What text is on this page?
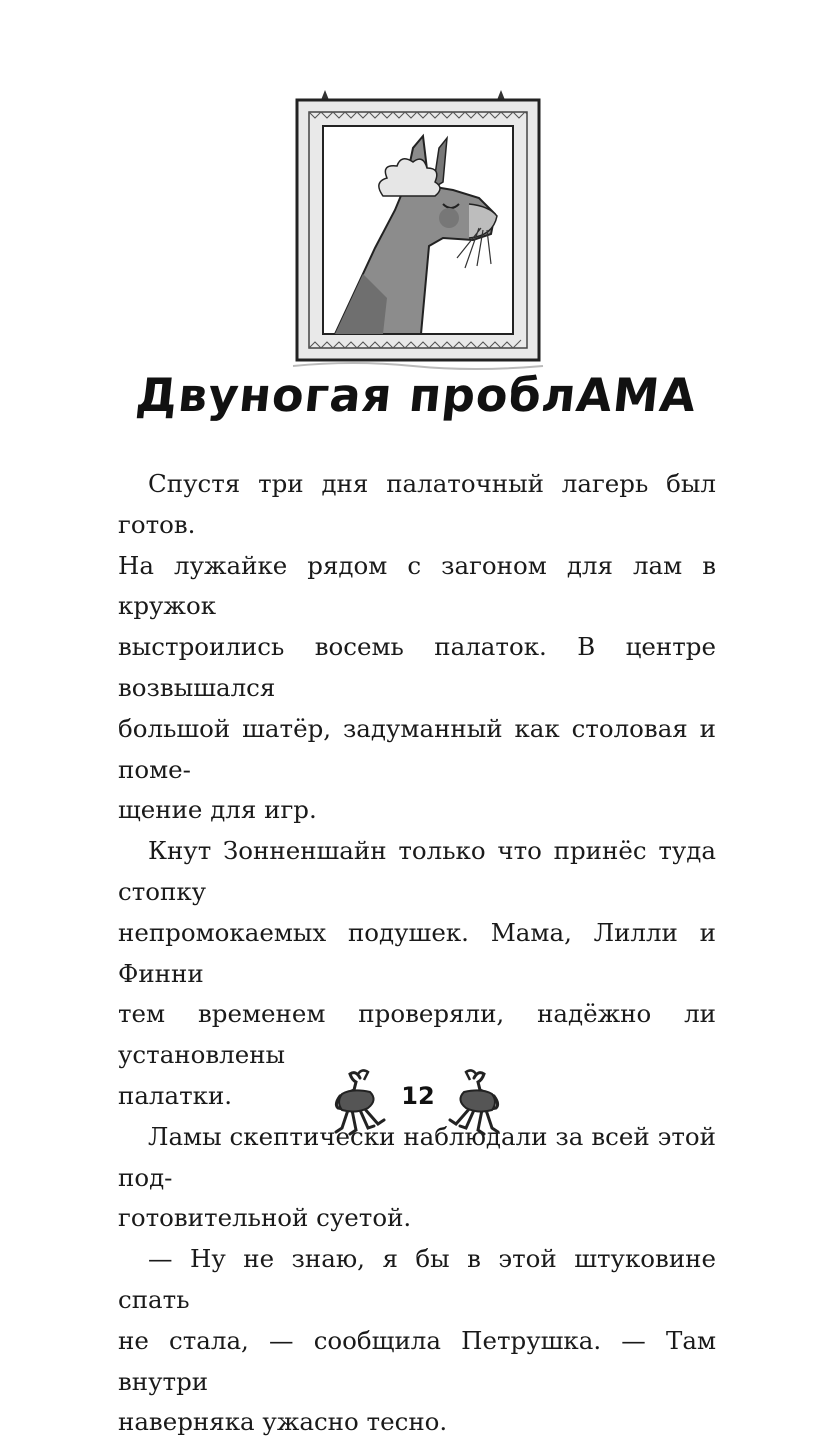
Двуногая проблАМА

Спустя три дня палаточный лагерь был готов.
На лужайке рядом с загоном для лам в кружок
выстроились восемь палаток. В центре возвышался
большой шатёр, задуманный как столовая и поме-
щение для игр.

Кнут Зонненшайн только что принёс туда стопку
непромокаемых подушек. Мама, Лилли и Финни
тем временем проверяли, надёжно ли установлены
палатки.

Ламы скептически наблюдали за всей этой под-
готовительной суетой.

— Ну не знаю, я бы в этой штуковине спать
не стала, — сообщила Петрушка. — Там внутри
наверняка ужасно тесно.

12
